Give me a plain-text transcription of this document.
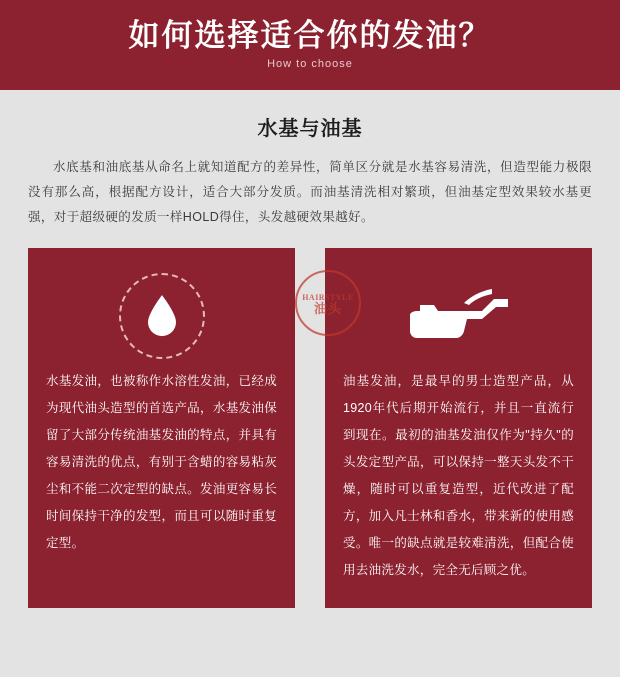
如何选择适合你的发油？
How to choose
水基与油基
水底基和油底基从命名上就知道配方的差异性，简单区分就是水基容易清洗，但造型能力极限没有那么高，根据配方设计，适合大部分发质。而油基清洗相对繁琐，但油基定型效果较水基更强，对于超级硬的发质一样HOLD得住，头发越硬效果越好。
水基发油，也被称作水溶性发油，已经成为现代油头造型的首选产品，水基发油保留了大部分传统油基发油的特点，并具有容易清洗的优点，有别于含蜡的容易粘灰尘和不能二次定型的缺点。发油更容易长时间保持干净的发型，而且可以随时重复定型。
油基发油，是最早的男士造型产品，从1920年代后期开始流行，并且一直流行到现在。最初的油基发油仅作为"持久"的头发定型产品，可以保持一整天头发不干燥，随时可以重复造型，近代改进了配方，加入凡士林和香水，带来新的使用感受。唯一的缺点就是较难清洗，但配合使用去油洗发水，完全无后顾之优。
HAIRSTYLE
油头
